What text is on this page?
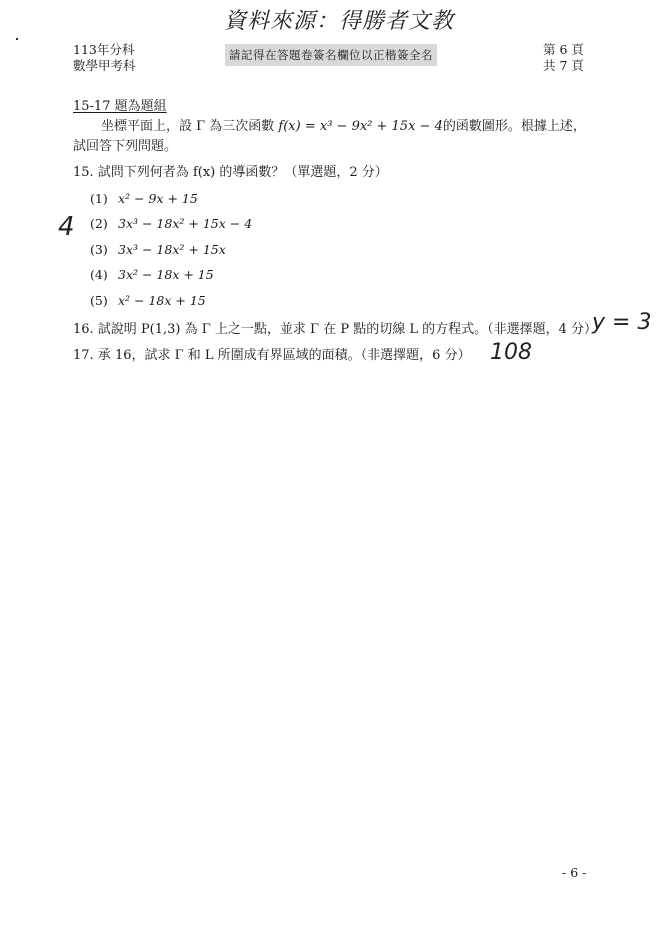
資料來源：得勝者文教
113年分科
數學甲考科
請記得在答題卷簽名欄位以正楷簽全名	第 6 頁
共 7 頁
15-17 題為題組
坐標平面上，設 Γ 為三次函數 f(x) = x³ − 9x² + 15x − 4的函數圖形。根據上述，試回答下列問題。
15. 試問下列何者為 f(x) 的導函數？（單選題，2 分）
(1) x² − 9x + 15
(2) 3x³ − 18x² + 15x − 4
(3) 3x³ − 18x² + 15x
(4) 3x² − 18x + 15
(5) x² − 18x + 15
4
16. 試說明 P(1,3) 為 Γ 上之一點，並求 Γ 在 P 點的切線 L 的方程式。（非選擇題，4 分）
y = 3
17. 承 16，試求 Γ 和 L 所圍成有界區域的面積。（非選擇題，6 分） 108
- 6 -
